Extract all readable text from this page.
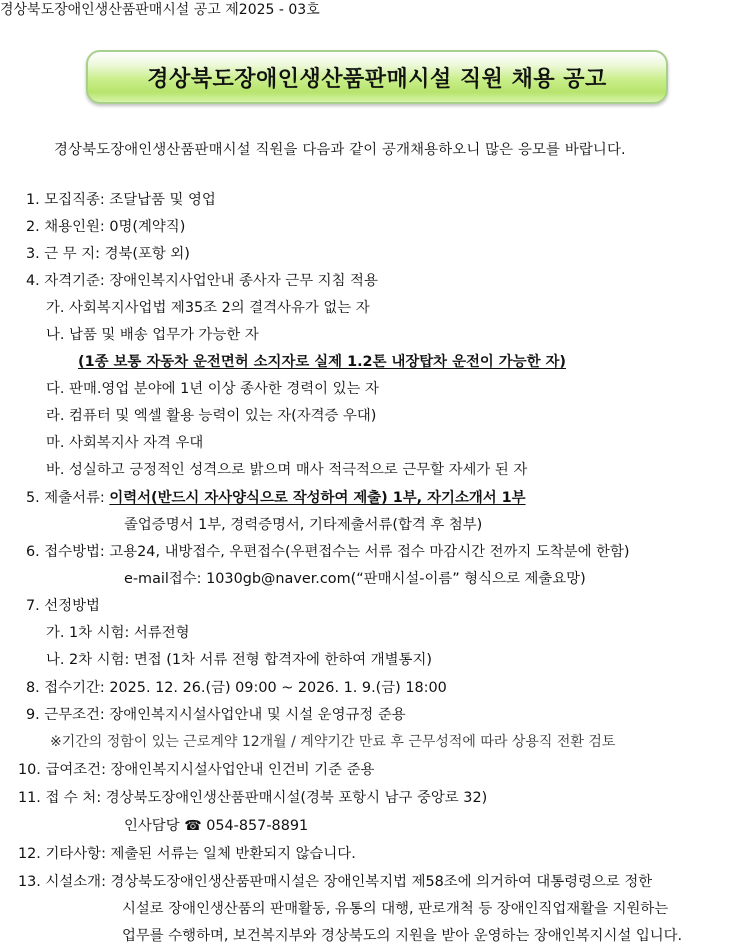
경상북도장애인생산품판매시설 공고 제2025 - 03호
경상북도장애인생산품판매시설 직원 채용 공고
경상북도장애인생산품판매시설 직원을 다음과 같이 공개채용하오니 많은 응모를 바랍니다.
1. 모집직종: 조달납품 및 영업
2. 채용인원: 0명(계약직)
3. 근 무 지: 경북(포항 외)
4. 자격기준: 장애인복지사업안내 종사자 근무 지침 적용
가. 사회복지사업법 제35조 2의 결격사유가 없는 자
나. 납품 및 배송 업무가 가능한 자
(1종 보통 자동차 운전면허 소지자로 실제 1.2톤 내장탑차 운전이 가능한 자)
다. 판매.영업 분야에 1년 이상 종사한 경력이 있는 자
라. 컴퓨터 및 엑셀 활용 능력이 있는 자(자격증 우대)
마. 사회복지사 자격 우대
바. 성실하고 긍정적인 성격으로 밝으며 매사 적극적으로 근무할 자세가 된 자
5. 제출서류: 이력서(반드시 자사양식으로 작성하여 제출) 1부, 자기소개서 1부
졸업증명서 1부, 경력증명서, 기타제출서류(합격 후 첨부)
6. 접수방법: 고용24, 내방접수, 우편접수(우편접수는 서류 접수 마감시간 전까지 도착분에 한함)
e-mail접수: 1030gb@naver.com(“판매시설-이름” 형식으로 제출요망)
7. 선정방법
가. 1차 시험: 서류전형
나. 2차 시험: 면접 (1차 서류 전형 합격자에 한하여 개별통지)
8. 접수기간: 2025. 12. 26.(금) 09:00 ~ 2026. 1. 9.(금) 18:00
9. 근무조건: 장애인복지시설사업안내 및 시설 운영규정 준용
※기간의 정함이 있는 근로계약 12개월 / 계약기간 만료 후 근무성적에 따라 상용직 전환 검토
10. 급여조건: 장애인복지시설사업안내 인건비 기준 준용
11. 접 수 처: 경상북도장애인생산품판매시설(경북 포항시 남구 중앙로 32)
인사담당 ☎ 054-857-8891
12. 기타사항: 제출된 서류는 일체 반환되지 않습니다.
13. 시설소개: 경상북도장애인생산품판매시설은 장애인복지법 제58조에 의거하여 대통령령으로 정한
시설로 장애인생산품의 판매활동, 유통의 대행, 판로개척 등 장애인직업재활을 지원하는
업무를 수행하며, 보건복지부와 경상북도의 지원을 받아 운영하는 장애인복지시설 입니다.
